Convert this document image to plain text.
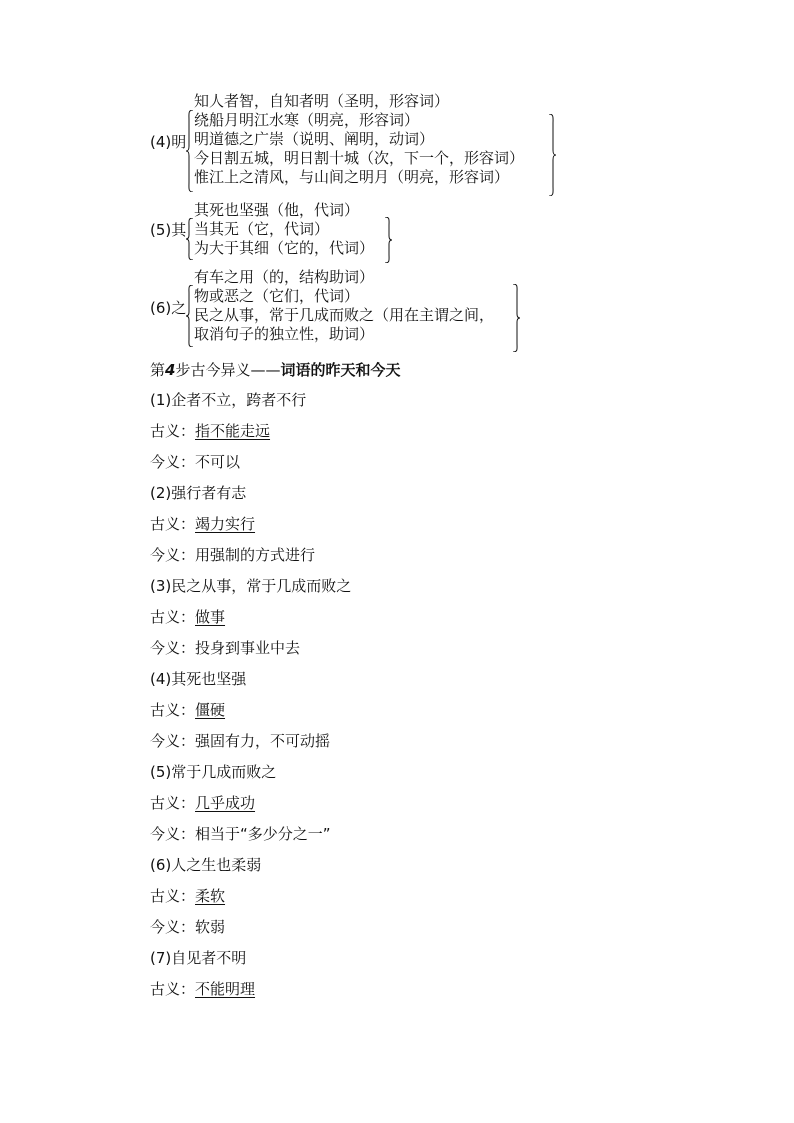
(4)明
知人者智，自知者明（圣明，形容词）
绕船月明江水寒（明亮，形容词）
明道德之广崇（说明、阐明，动词）
今日割五城，明日割十城（次，下一个，形容词）
惟江上之清风，与山间之明月（明亮，形容词）
(5)其
其死也坚强（他，代词）
当其无（它，代词）
为大于其细（它的，代词）
(6)之
有车之用（的，结构助词）
物或恶之（它们，代词）
民之从事，常于几成而败之（用在主谓之间，
取消句子的独立性，助词）
第4步古今异义——词语的昨天和今天
(1)企者不立，跨者不行
古义：指不能走远
今义：不可以
(2)强行者有志
古义：竭力实行
今义：用强制的方式进行
(3)民之从事，常于几成而败之
古义：做事
今义：投身到事业中去
(4)其死也坚强
古义：僵硬
今义：强固有力，不可动摇
(5)常于几成而败之
古义：几乎成功
今义：相当于“多少分之一”
(6)人之生也柔弱
古义：柔软
今义：软弱
(7)自见者不明
古义：不能明理
